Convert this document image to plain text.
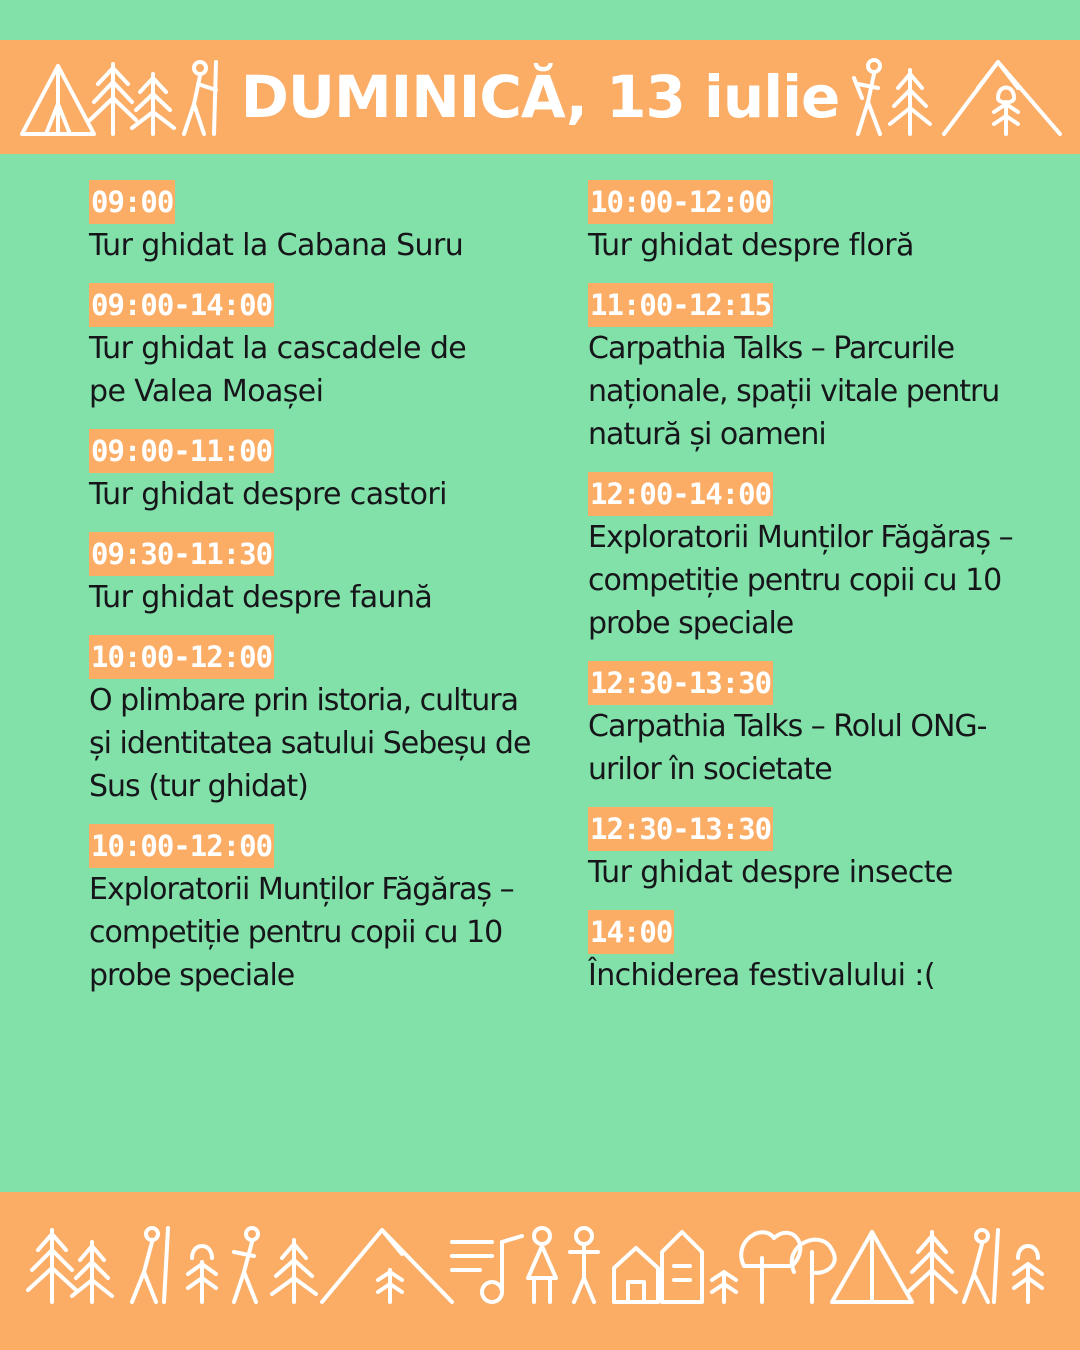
DUMINICĂ, 13 iulie
09:00
Tur ghidat la Cabana Suru
09:00-14:00
Tur ghidat la cascadele de pe Valea Moașei
09:00-11:00
Tur ghidat despre castori
09:30-11:30
Tur ghidat despre faună
10:00-12:00
O plimbare prin istoria, cultura și identitatea satului Sebeșu de Sus (tur ghidat)
10:00-12:00
Exploratorii Munților Făgăraș – competiție pentru copii cu 10 probe speciale
10:00-12:00
Tur ghidat despre floră
11:00-12:15
Carpathia Talks – Parcurile naționale, spații vitale pentru natură și oameni
12:00-14:00
Exploratorii Munților Făgăraș – competiție pentru copii cu 10 probe speciale
12:30-13:30
Carpathia Talks – Rolul ONG-urilor în societate
12:30-13:30
Tur ghidat despre insecte
14:00
Închiderea festivalului :(
